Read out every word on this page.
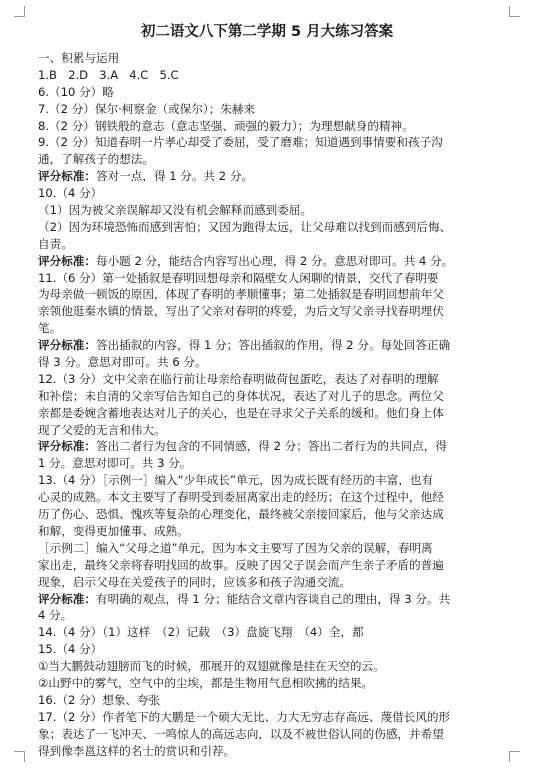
初二语文八下第二学期 5 月大练习答案
一、积累与运用
1.B 2.D 3.A 4.C 5.C
6.（10 分）略
7.（2 分）保尔·柯察金（或保尔）；朱赫来
8.（2 分）钢铁般的意志（意志坚强、顽强的毅力）；为理想献身的精神。
9.（2 分）知道春明一片孝心却受了委屈，受了磨难；知道遇到事情要和孩子沟
通，了解孩子的想法。
评分标准：答对一点，得 1 分。共 2 分。
10.（4 分）
（1）因为被父亲误解却又没有机会解释而感到委屈。
（2）因为环境恐怖而感到害怕；又因为跑得太远，让父母难以找到而感到后悔、
自责。
评分标准：每小题 2 分，能结合内容写出心理，得 2 分。意思对即可。共 4 分。
11.（6 分）第一处插叙是春明回想母亲和隔壁女人闲聊的情景，交代了春明要
为母亲做一顿饭的原因，体现了春明的孝顺懂事；第二处插叙是春明回想前年父
亲领他逛秦水镇的情景，写出了父亲对春明的疼爱，为后文写父亲寻找春明埋伏
笔。
评分标准：答出插叙的内容，得 1 分；答出插叙的作用，得 2 分。每处回答正确
得 3 分。意思对即可。共 6 分。
12.（3 分）文中父亲在临行前让母亲给春明做荷包蛋吃，表达了对春明的理解
和补偿；未自清的父亲写信告知自己的身体状况，表达了对儿子的思念。两位父
亲都是委婉含蓄地表达对儿子的关心，也是在寻求父子关系的缓和。他们身上体
现了父爱的无言和伟大。
评分标准：答出二者行为包含的不同情感，得 2 分；答出二者行为的共同点，得
1 分。意思对即可。共 3 分。
13.（4 分）［示例一］编入“少年成长”单元，因为成长既有经历的丰富，也有
心灵的成熟。本文主要写了春明受到委屈离家出走的经历；在这个过程中，他经
历了伤心、恐惧、愧疚等复杂的心理变化，最终被父亲接回家后，他与父亲达成
和解，变得更加懂事、成熟。
［示例二］编入“父母之道”单元，因为本文主要写了因为父亲的误解，春明离
家出走，最终父亲将春明找回的故事。反映了因父子误会而产生亲子矛盾的普遍
现象，启示父母在关爱孩子的同时，应该多和孩子沟通交流。
评分标准：有明确的观点，得 1 分；能结合文章内容谈自己的理由，得 3 分。共
4 分。
14.（4 分）（1）这样　（2）记载　（3）盘旋飞翔　（4）全，都
15.（4 分）
①当大鹏鼓动翅膀而飞的时候，那展开的双翅就像是挂在天空的云。
②山野中的雾气，空气中的尘埃，都是生物用气息相吹拂的结果。
16.（2 分）想象、夸张
17.（2 分）作者笔下的大鹏是一个硕大无比、力大无穷志存高远、蔑借长风的形
象；表达了一飞冲天、一鸣惊人的高远志向，以及不被世俗认同的伤感，并希望
得到像李邕这样的名士的赏识和引荐。
